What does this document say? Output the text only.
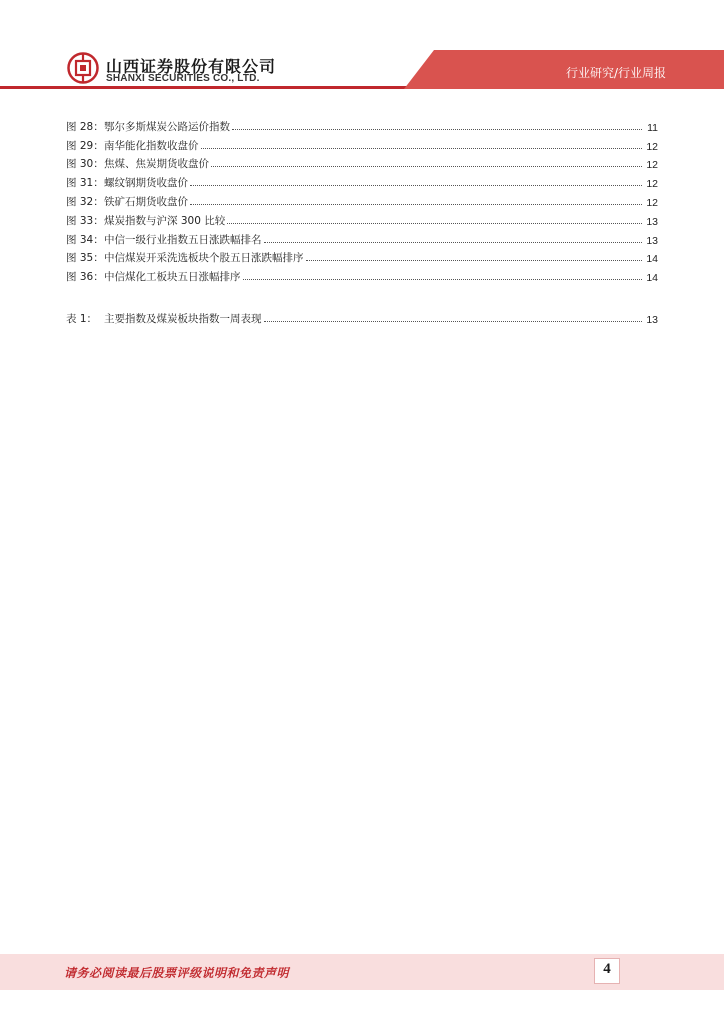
山西证券股份有限公司
SHANXI SECURITIES CO., LTD.	行业研究/行业周报
图 28： 鄂尔多斯煤炭公路运价指数	11
图 29： 南华能化指数收盘价	12
图 30： 焦煤、焦炭期货收盘价	12
图 31： 螺纹钢期货收盘价	12
图 32： 铁矿石期货收盘价	12
图 33： 煤炭指数与沪深 300 比较	13
图 34： 中信一级行业指数五日涨跌幅排名	13
图 35： 中信煤炭开采洗选板块个股五日涨跌幅排序	14
图 36： 中信煤化工板块五日涨幅排序	14
表 1： 主要指数及煤炭板块指数一周表现	13
请务必阅读最后股票评级说明和免责声明	4
